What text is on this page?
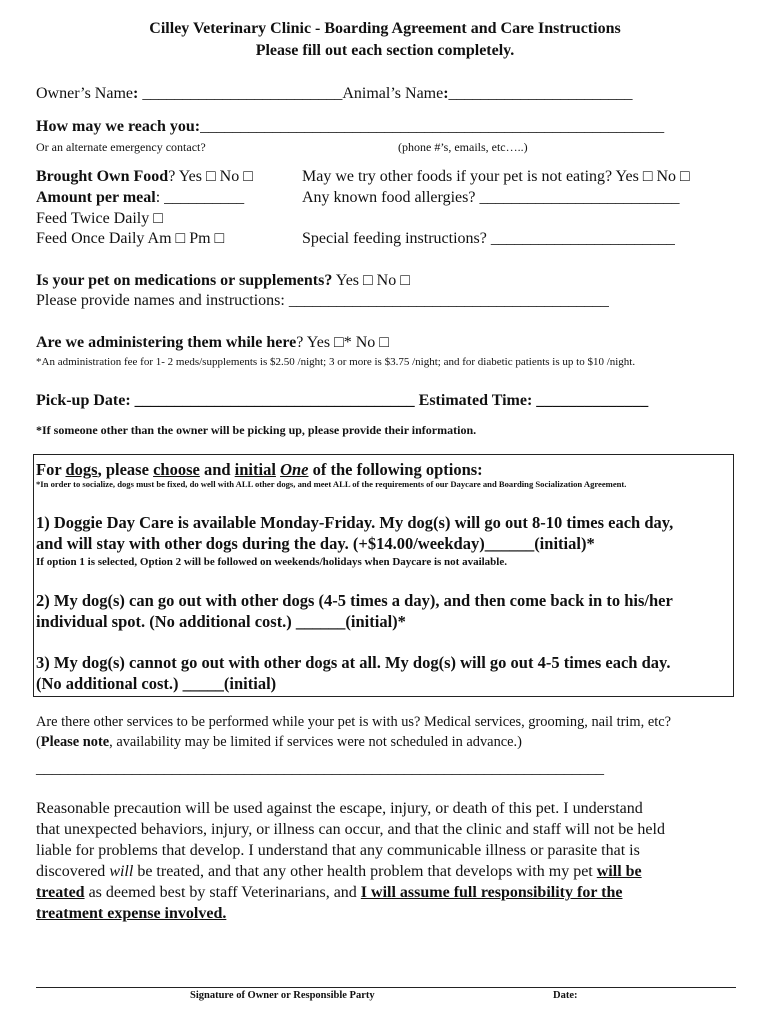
Cilley Veterinary Clinic - Boarding Agreement and Care Instructions
Please fill out each section completely.
Owner’s Name: _________________________Animal’s Name:_______________________
How may we reach you:__________________________________________________________
Or an alternate emergency contact?	(phone #’s, emails, etc…..)
Brought Own Food? Yes □ No □
Amount per meal: __________
Feed Twice Daily □
Feed Once Daily Am □ Pm □
May we try other foods if your pet is not eating? Yes □ No □
Any known food allergies? _________________________
Special feeding instructions? _______________________
Is your pet on medications or supplements? Yes □ No □
Please provide names and instructions: ________________________________________
Are we administering them while here? Yes □* No □
*An administration fee for 1- 2 meds/supplements is $2.50 /night; 3 or more is $3.75 /night; and for diabetic patients is up to $10 /night.
Pick-up Date: ___________________________________ Estimated Time: ______________
*If someone other than the owner will be picking up, please provide their information.
For dogs, please choose and initial One of the following options:
*In order to socialize, dogs must be fixed, do well with ALL other dogs, and meet ALL of the requirements of our Daycare and Boarding Socialization Agreement.
1) Doggie Day Care is available Monday-Friday. My dog(s) will go out 8-10 times each day,
and will stay with other dogs during the day. (+$14.00/weekday)______(initial)*
If option 1 is selected, Option 2 will be followed on weekends/holidays when Daycare is not available.
2) My dog(s) can go out with other dogs (4-5 times a day), and then come back in to his/her
individual spot. (No additional cost.) ______(initial)*
3) My dog(s) cannot go out with other dogs at all. My dog(s) will go out 4-5 times each day.
(No additional cost.) _____(initial)
Are there other services to be performed while your pet is with us? Medical services, grooming, nail trim, etc?
(Please note, availability may be limited if services were not scheduled in advance.)
_______________________________________________________________________
Reasonable precaution will be used against the escape, injury, or death of this pet. I understand
that unexpected behaviors, injury, or illness can occur, and that the clinic and staff will not be held
liable for problems that develop. I understand that any communicable illness or parasite that is
discovered will be treated, and that any other health problem that develops with my pet will be
treated as deemed best by staff Veterinarians, and I will assume full responsibility for the
treatment expense involved.
Signature of Owner or Responsible Party	Date:
